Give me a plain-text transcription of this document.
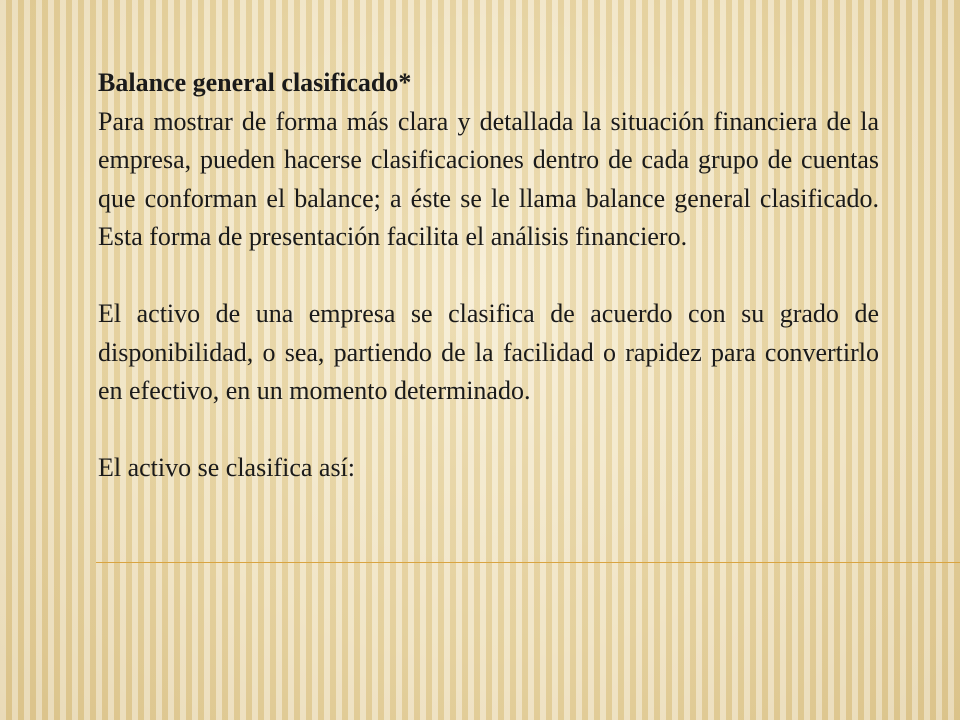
Balance general clasificado*

Para mostrar de forma más clara y detallada la situación financiera de la empresa, pueden hacerse clasificaciones dentro de cada grupo de cuentas que conforman el balance; a éste se le llama balance general clasificado. Esta forma de presentación facilita el análisis financiero.

El activo de una empresa se clasifica de acuerdo con su grado de disponibilidad, o sea, partiendo de la facilidad o rapidez para convertirlo en efectivo, en un momento determinado.

El activo se clasifica así:
